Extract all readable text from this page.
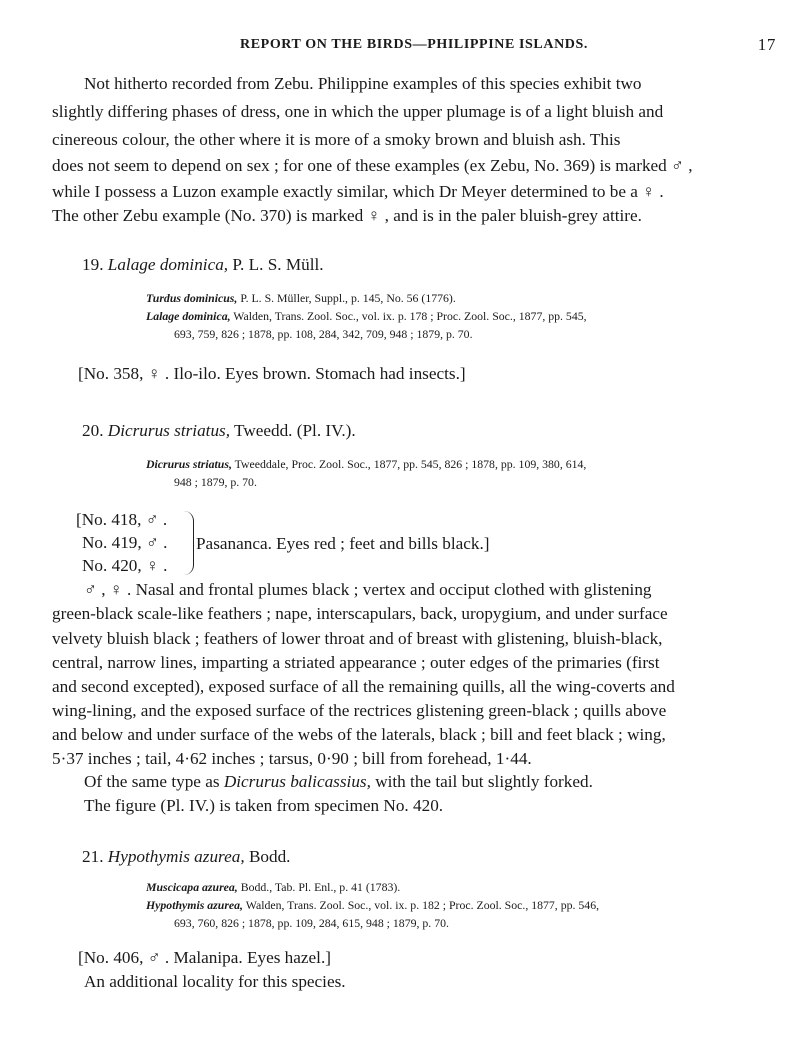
REPORT ON THE BIRDS—PHILIPPINE ISLANDS.	17
Not hitherto recorded from Zebu. Philippine examples of this species exhibit two
slightly differing phases of dress, one in which the upper plumage is of a light bluish and
cinereous colour, the other where it is more of a smoky brown and bluish ash. This
does not seem to depend on sex ; for one of these examples (ex Zebu, No. 369) is marked ♂ ,
while I possess a Luzon example exactly similar, which Dr Meyer determined to be a ♀ .
The other Zebu example (No. 370) is marked ♀ , and is in the paler bluish-grey attire.
19. Lalage dominica, P. L. S. Müll.
Turdus dominicus, P. L. S. Müller, Suppl., p. 145, No. 56 (1776).
Lalage dominica, Walden, Trans. Zool. Soc., vol. ix. p. 178 ; Proc. Zool. Soc., 1877, pp. 545,
693, 759, 826 ; 1878, pp. 108, 284, 342, 709, 948 ; 1879, p. 70.
[No. 358, ♀ . Ilo-ilo. Eyes brown. Stomach had insects.]
20. Dicrurus striatus, Tweedd. (Pl. IV.).
Dicrurus striatus, Tweeddale, Proc. Zool. Soc., 1877, pp. 545, 826 ; 1878, pp. 109, 380, 614,
948 ; 1879, p. 70.
[No. 418, ♂ .
No. 419, ♂ .
No. 420, ♀ .
Pasananca. Eyes red ; feet and bills black.]
♂ , ♀ . Nasal and frontal plumes black ; vertex and occiput clothed with glistening
green-black scale-like feathers ; nape, interscapulars, back, uropygium, and under surface
velvety bluish black ; feathers of lower throat and of breast with glistening, bluish-black,
central, narrow lines, imparting a striated appearance ; outer edges of the primaries (first
and second excepted), exposed surface of all the remaining quills, all the wing-coverts and
wing-lining, and the exposed surface of the rectrices glistening green-black ; quills above
and below and under surface of the webs of the laterals, black ; bill and feet black ; wing,
5·37 inches ; tail, 4·62 inches ; tarsus, 0·90 ; bill from forehead, 1·44.
Of the same type as Dicrurus balicassius, with the tail but slightly forked.
The figure (Pl. IV.) is taken from specimen No. 420.
21. Hypothymis azurea, Bodd.
Muscicapa azurea, Bodd., Tab. Pl. Enl., p. 41 (1783).
Hypothymis azurea, Walden, Trans. Zool. Soc., vol. ix. p. 182 ; Proc. Zool. Soc., 1877, pp. 546,
693, 760, 826 ; 1878, pp. 109, 284, 615, 948 ; 1879, p. 70.
[No. 406, ♂ . Malanipa. Eyes hazel.]
An additional locality for this species.
